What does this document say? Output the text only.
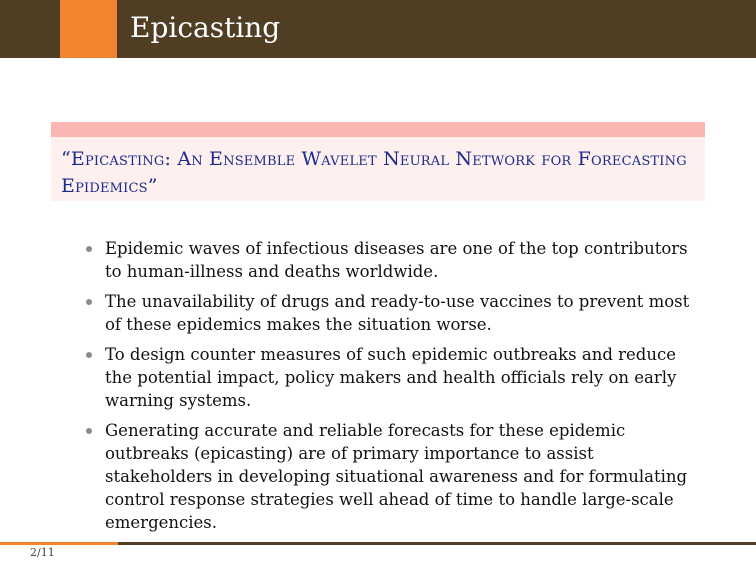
Epicasting
“Epicasting: An Ensemble Wavelet Neural Network for Forecasting Epidemics”
Epidemic waves of infectious diseases are one of the top contributors to human-illness and deaths worldwide.
The unavailability of drugs and ready-to-use vaccines to prevent most of these epidemics makes the situation worse.
To design counter measures of such epidemic outbreaks and reduce the potential impact, policy makers and health officials rely on early warning systems.
Generating accurate and reliable forecasts for these epidemic outbreaks (epicasting) are of primary importance to assist stakeholders in developing situational awareness and for formulating control response strategies well ahead of time to handle large-scale emergencies.
2/11
